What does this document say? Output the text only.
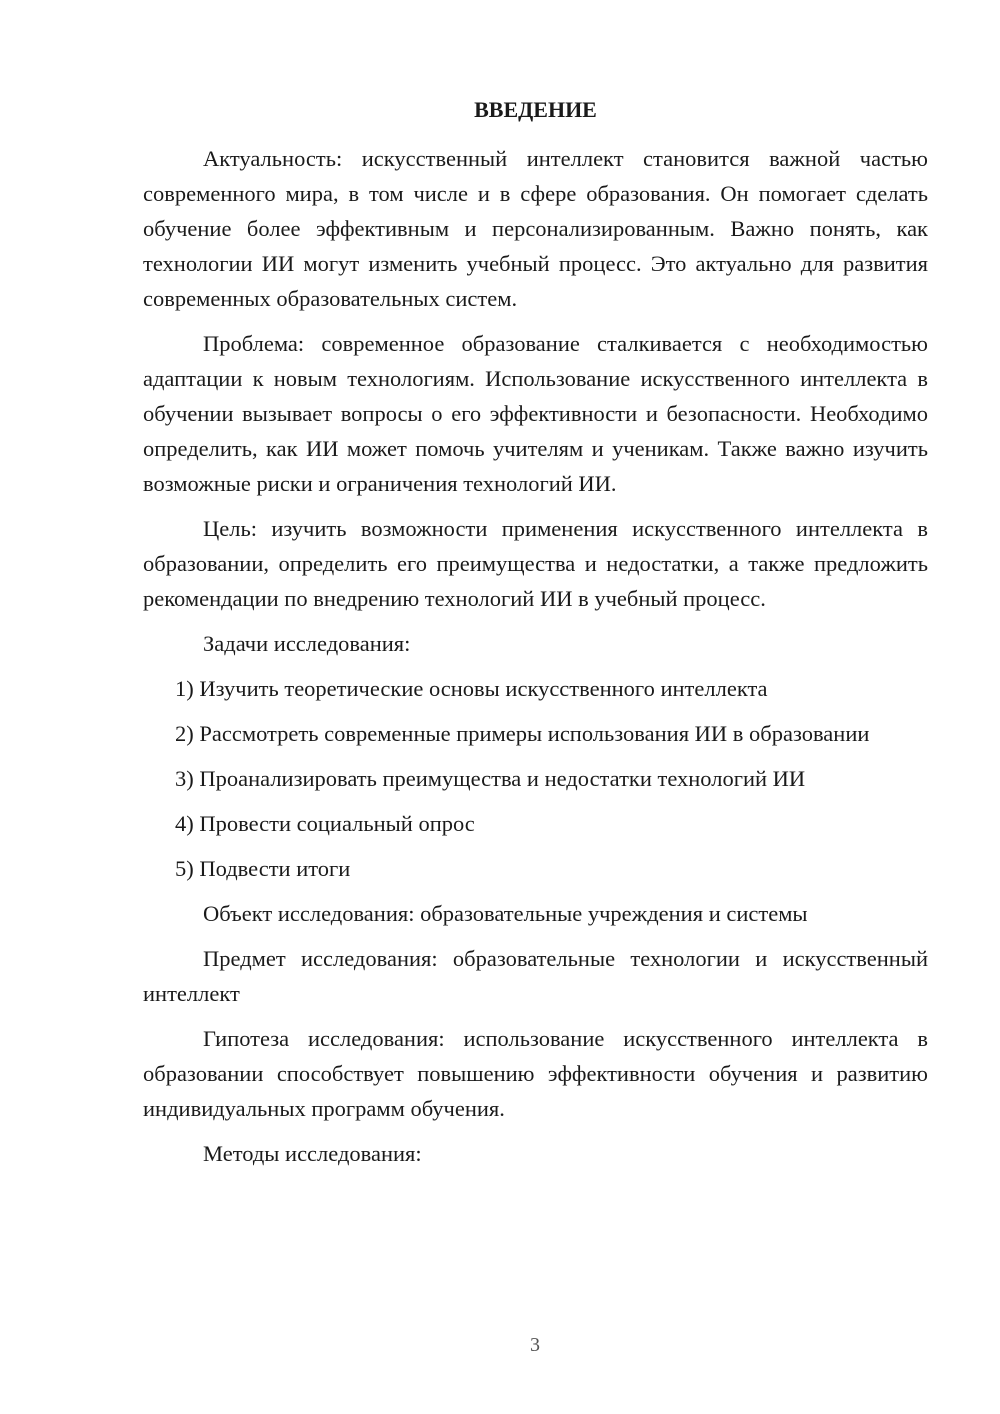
ВВЕДЕНИЕ

Актуальность: искусственный интеллект становится важной частью современного мира, в том числе и в сфере образования. Он помогает сделать обучение более эффективным и персонализированным. Важно понять, как технологии ИИ могут изменить учебный процесс. Это актуально для развития современных образовательных систем.

Проблема: современное образование сталкивается с необходимостью адаптации к новым технологиям. Использование искусственного интеллекта в обучении вызывает вопросы о его эффективности и безопасности. Необходимо определить, как ИИ может помочь учителям и ученикам. Также важно изучить возможные риски и ограничения технологий ИИ.

Цель: изучить возможности применения искусственного интеллекта в образовании, определить его преимущества и недостатки, а также предложить рекомендации по внедрению технологий ИИ в учебный процесс.

Задачи исследования:

1) Изучить теоретические основы искусственного интеллекта

2) Рассмотреть современные примеры использования ИИ в образовании

3) Проанализировать преимущества и недостатки технологий ИИ

4) Провести социальный опрос

5) Подвести итоги

Объект исследования: образовательные учреждения и системы

Предмет исследования: образовательные технологии и искусственный интеллект

Гипотеза исследования: использование искусственного интеллекта в образовании способствует повышению эффективности обучения и развитию индивидуальных программ обучения.

Методы исследования:

3
